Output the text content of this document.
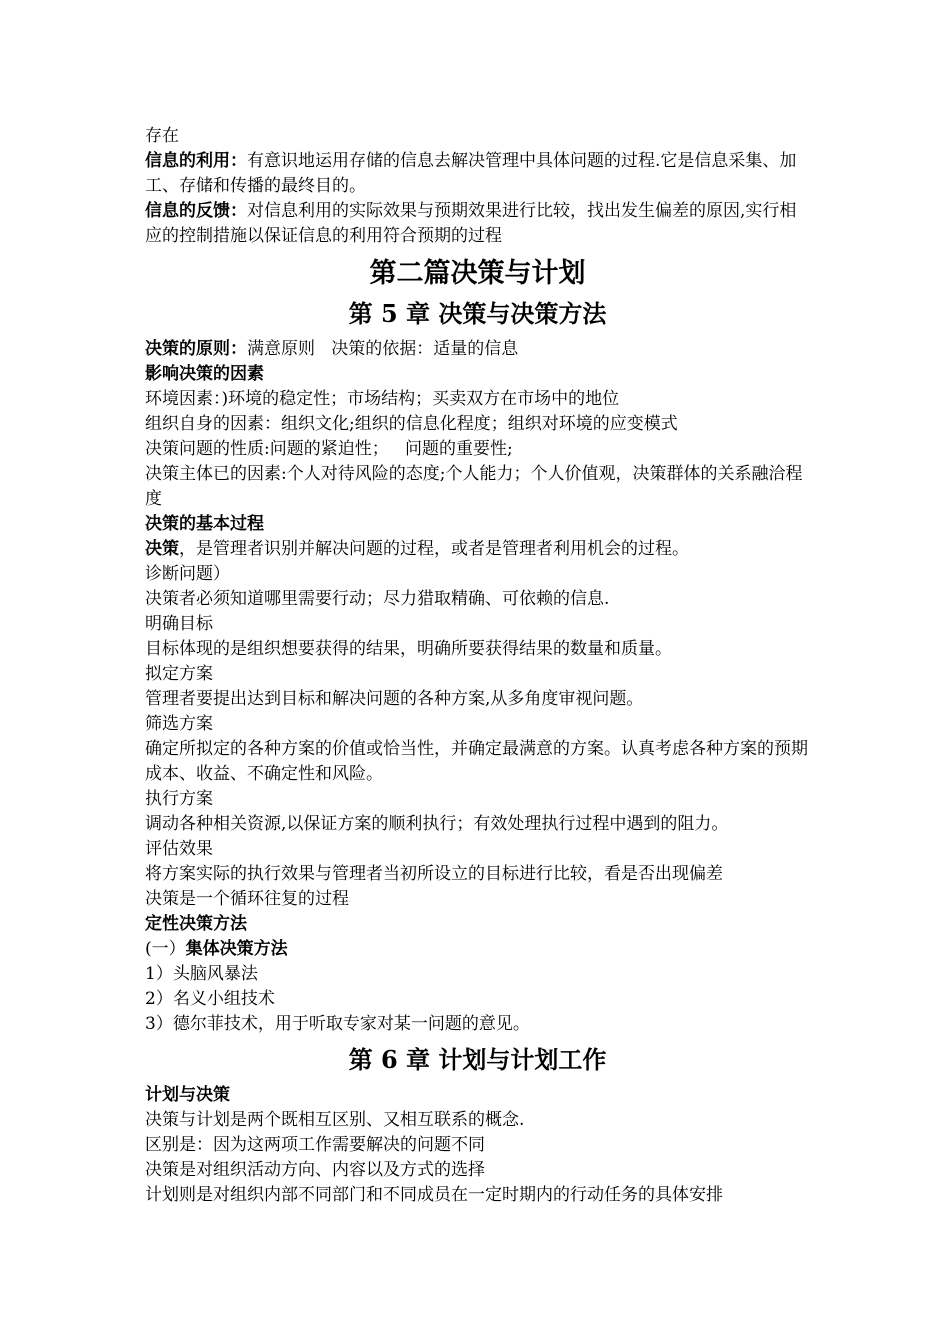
存在

信息的利用：有意识地运用存储的信息去解决管理中具体问题的过程.它是信息采集、加工、存储和传播的最终目的。

信息的反馈：对信息利用的实际效果与预期效果进行比较，找出发生偏差的原因,实行相应的控制措施以保证信息的利用符合预期的过程

第二篇决策与计划
第 5 章 决策与决策方法

决策的原则：满意原则   决策的依据：适量的信息

影响决策的因素

环境因素：)环境的稳定性；市场结构；买卖双方在市场中的地位

组织自身的因素：组织文化;组织的信息化程度；组织对环境的应变模式

决策问题的性质:问题的紧迫性；   问题的重要性;

决策主体已的因素:个人对待风险的态度;个人能力；个人价值观，决策群体的关系融洽程度

决策的基本过程

决策，是管理者识别并解决问题的过程，或者是管理者利用机会的过程。

诊断问题）

决策者必须知道哪里需要行动；尽力猎取精确、可依赖的信息.

明确目标

目标体现的是组织想要获得的结果，明确所要获得结果的数量和质量。

拟定方案

管理者要提出达到目标和解决问题的各种方案,从多角度审视问题。

筛选方案

确定所拟定的各种方案的价值或恰当性，并确定最满意的方案。认真考虑各种方案的预期成本、收益、不确定性和风险。

执行方案

调动各种相关资源,以保证方案的顺利执行；有效处理执行过程中遇到的阻力。

评估效果

将方案实际的执行效果与管理者当初所设立的目标进行比较，看是否出现偏差

决策是一个循环往复的过程

定性决策方法

(一）集体决策方法

1）头脑风暴法

2）名义小组技术

3）德尔菲技术，用于听取专家对某一问题的意见。

第 6 章 计划与计划工作

计划与决策

决策与计划是两个既相互区别、又相互联系的概念.

区别是：因为这两项工作需要解决的问题不同

决策是对组织活动方向、内容以及方式的选择

计划则是对组织内部不同部门和不同成员在一定时期内的行动任务的具体安排
